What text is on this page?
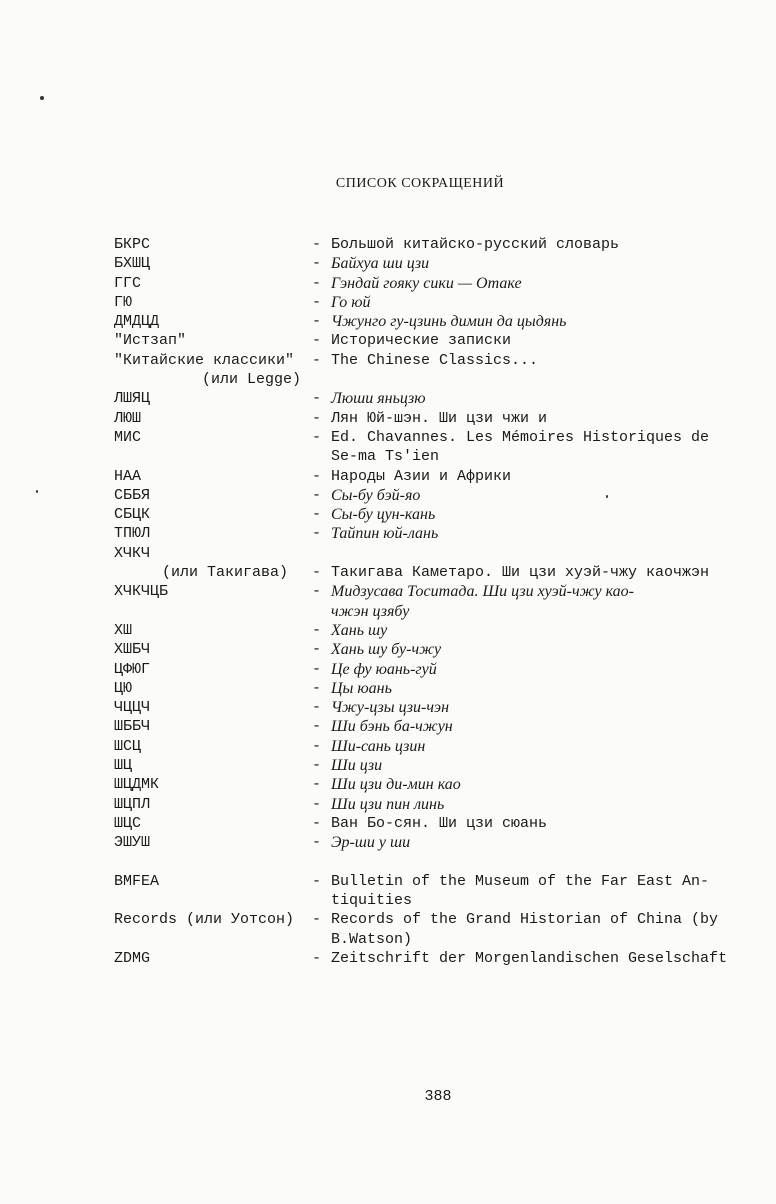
СПИСОК СОКРАЩЕНИЙ
БКРС	- Большой китайско-русский словарь
БХШЦ	- Байхуа ши цзи
ГГС	- Гэндай гояку сики — Отаке
ГЮ	- Го юй
ДМДЦД	- Чжунго гу-цзинь димин да цыдянь
"Истзап"	- Исторические записки
"Китайские классики" - The Chinese Classics...
(или Legge)
ЛШЯЦ	- Люши яньцзю
ЛЮШ	- Лян Юй-шэн. Ши цзи чжи и
МИС	- Ed. Chavannes. Les Mémoires Historiques de
Se-ma Ts'ien
НАА	- Народы Азии и Африки
СББЯ	- Сы-бу бэй-яо
СБЦК	- Сы-бу цун-кань
ТПЮЛ	- Тайпин юй-лань
ХЧКЧ
(или Такигава) - Такигава Каметаро. Ши цзи хуэй-чжу каочжэн
ХЧКЧЦБ	- Мидзусава Тоситада. Ши цзи хуэй-чжу као-
чжэн цзябу
ХШ	- Хань шу
ХШБЧ	- Хань шу бу-чжу
ЦФЮГ	- Це фу юань-гуй
ЦЮ	- Цы юань
ЧЦЦЧ	- Чжу-цзы цзи-чэн
ШББЧ	- Ши бэнь ба-чжун
ШСЦ	- Ши-сань цзин
ШЦ	- Ши цзи
ШЦДМК	- Ши цзи ди-мин као
ШЦПЛ	- Ши цзи пин линь
ШЦС	- Ван Бо-сян. Ши цзи сюань
ЭШУШ	- Эр-ши у ши
BMFEA	- Bulletin of the Museum of the Far East An-
tiquities
Records (или Уотсон) - Records of the Grand Historian of China (by
B.Watson)
ZDMG	- Zeitschrift der Morgenlandischen Geselschaft
388
